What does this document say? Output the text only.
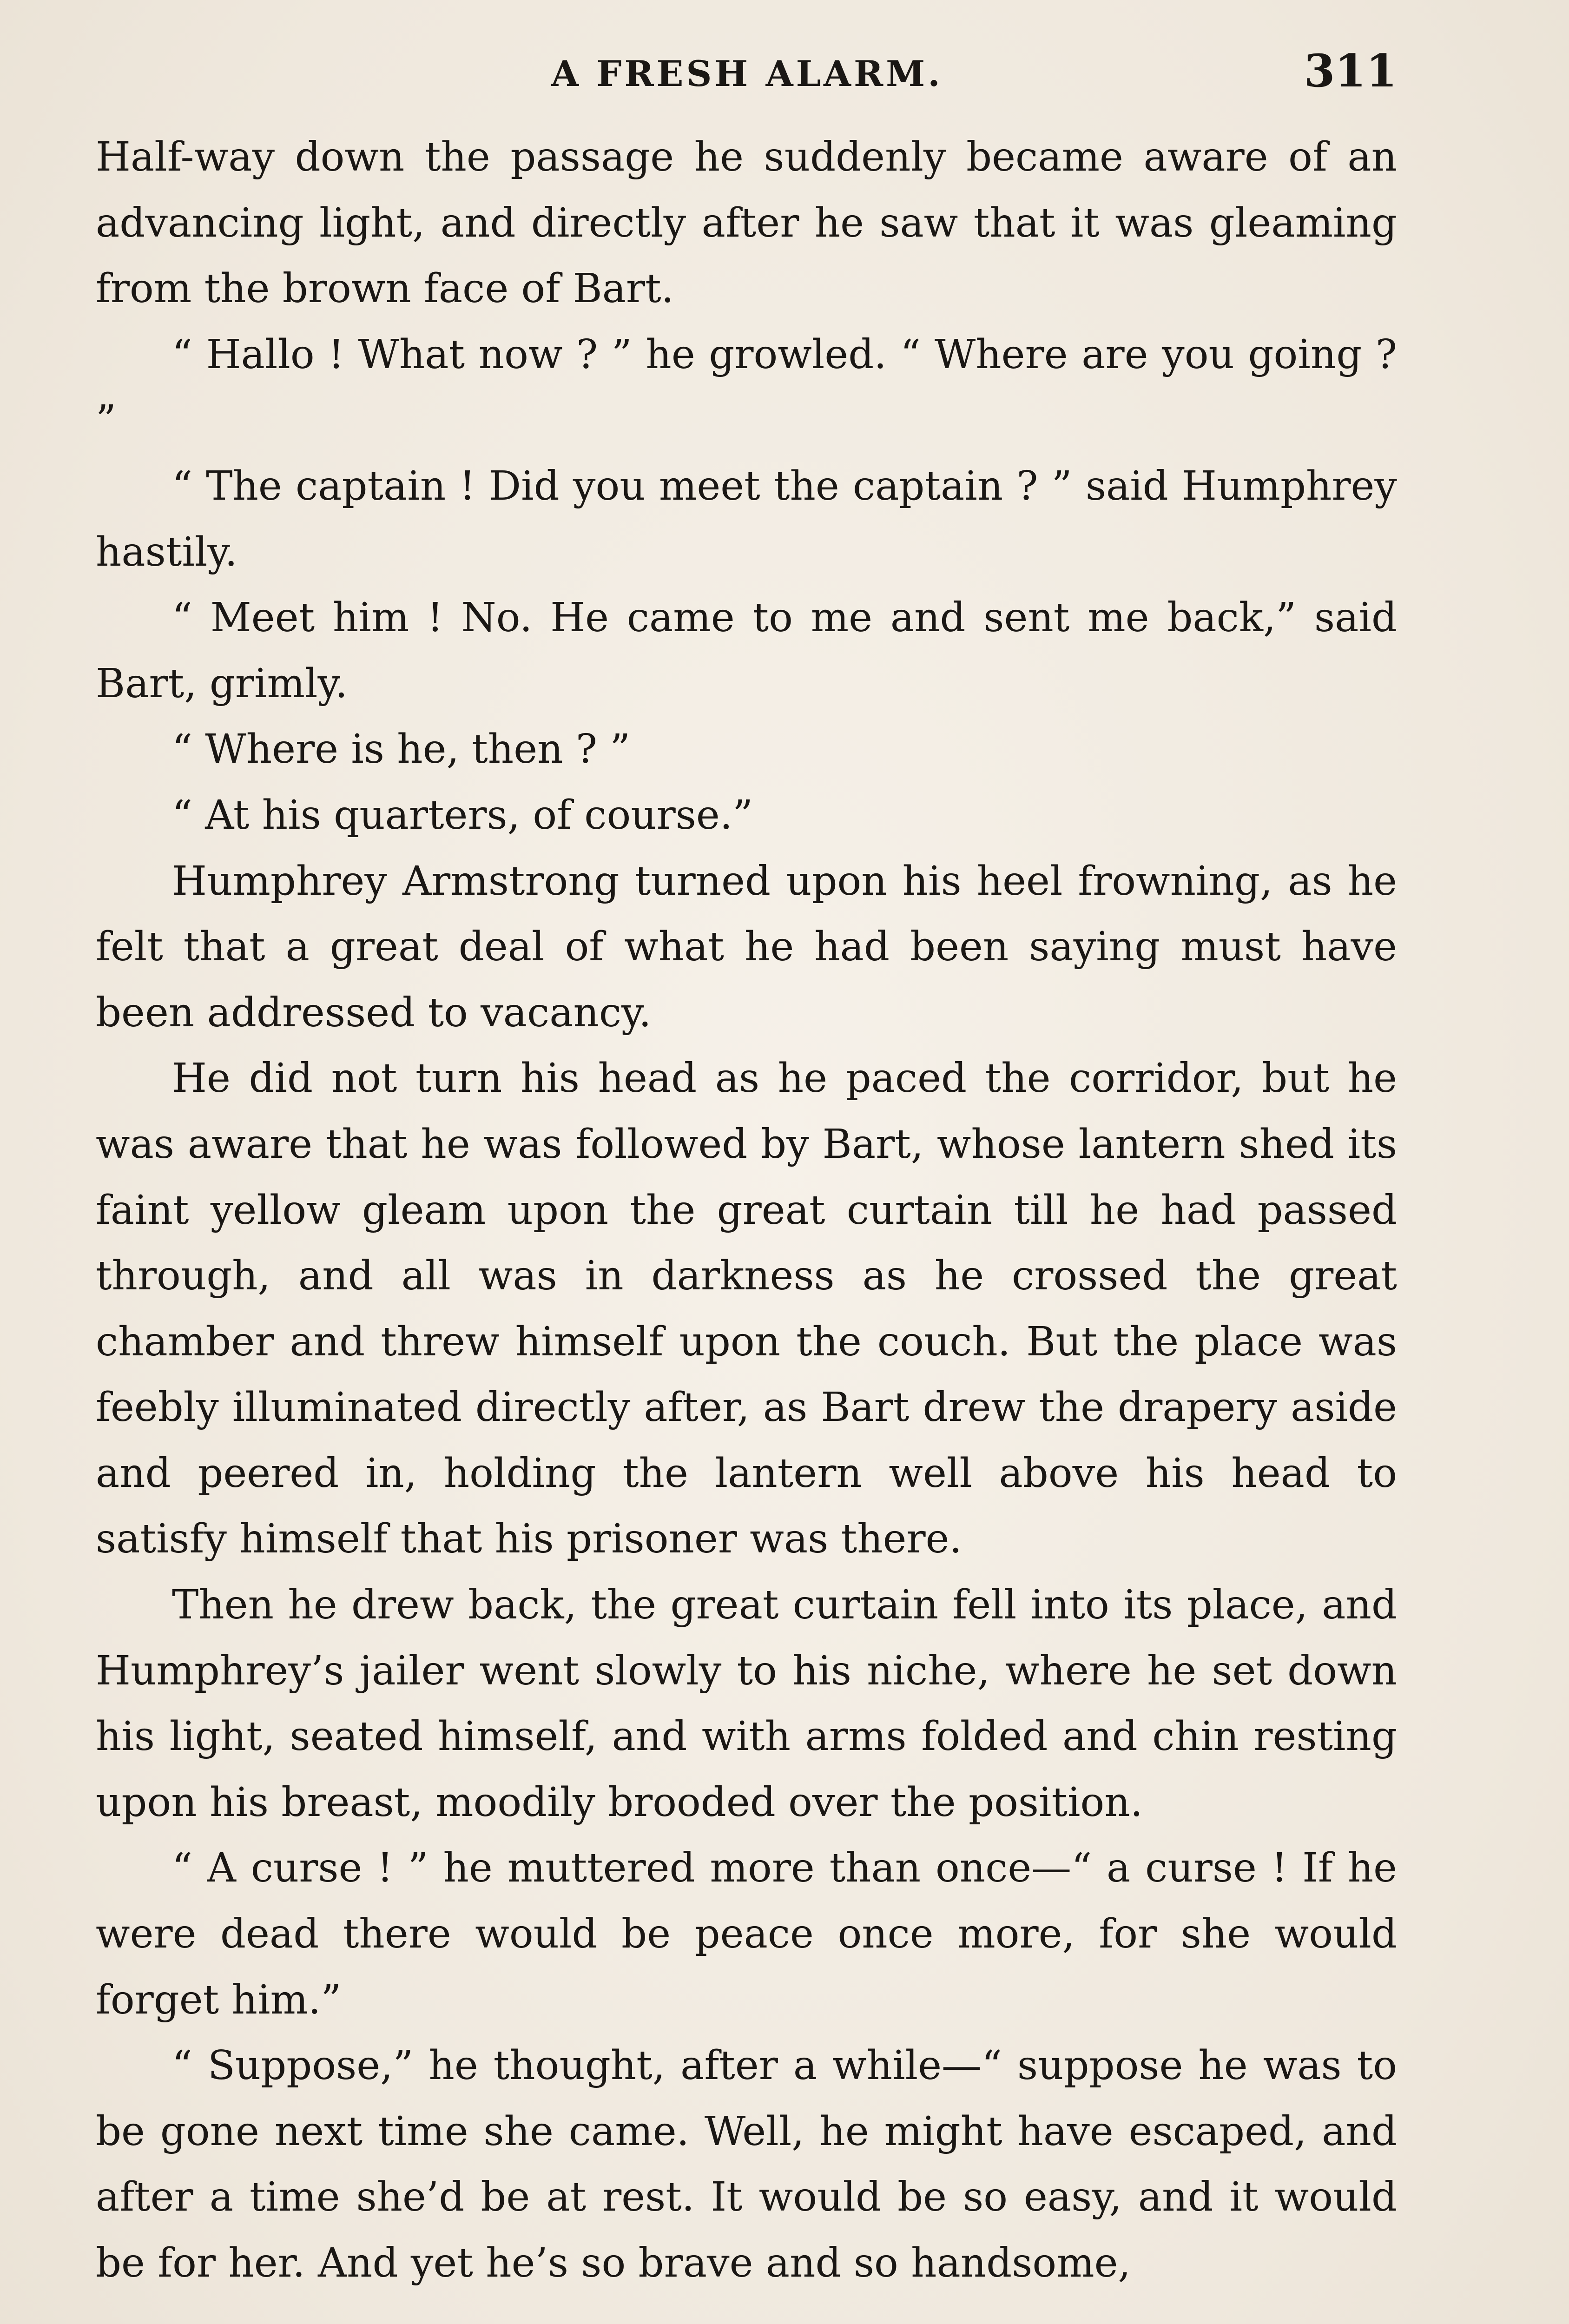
A FRESH ALARM.	311

Half-way down the passage he suddenly became aware of an advancing light, and directly after he saw that it was gleaming from the brown face of Bart.

“ Hallo ! What now ? ” he growled. “ Where are you going ? ”

“ The captain ! Did you meet the captain ? ” said Humphrey hastily.

“ Meet him ! No. He came to me and sent me back,” said Bart, grimly.

“ Where is he, then ? ”

“ At his quarters, of course.”

Humphrey Armstrong turned upon his heel frowning, as he felt that a great deal of what he had been saying must have been addressed to vacancy.

He did not turn his head as he paced the corridor, but he was aware that he was followed by Bart, whose lantern shed its faint yellow gleam upon the great curtain till he had passed through, and all was in darkness as he crossed the great chamber and threw himself upon the couch. But the place was feebly illuminated directly after, as Bart drew the drapery aside and peered in, holding the lantern well above his head to satisfy himself that his prisoner was there.

Then he drew back, the great curtain fell into its place, and Humphrey’s jailer went slowly to his niche, where he set down his light, seated himself, and with arms folded and chin resting upon his breast, moodily brooded over the position.

“ A curse ! ” he muttered more than once—“ a curse ! If he were dead there would be peace once more, for she would forget him.”

“ Suppose,” he thought, after a while—“ suppose he was to be gone next time she came. Well, he might have escaped, and after a time she’d be at rest. It would be so easy, and it would be for her. And yet he’s so brave and so handsome,
